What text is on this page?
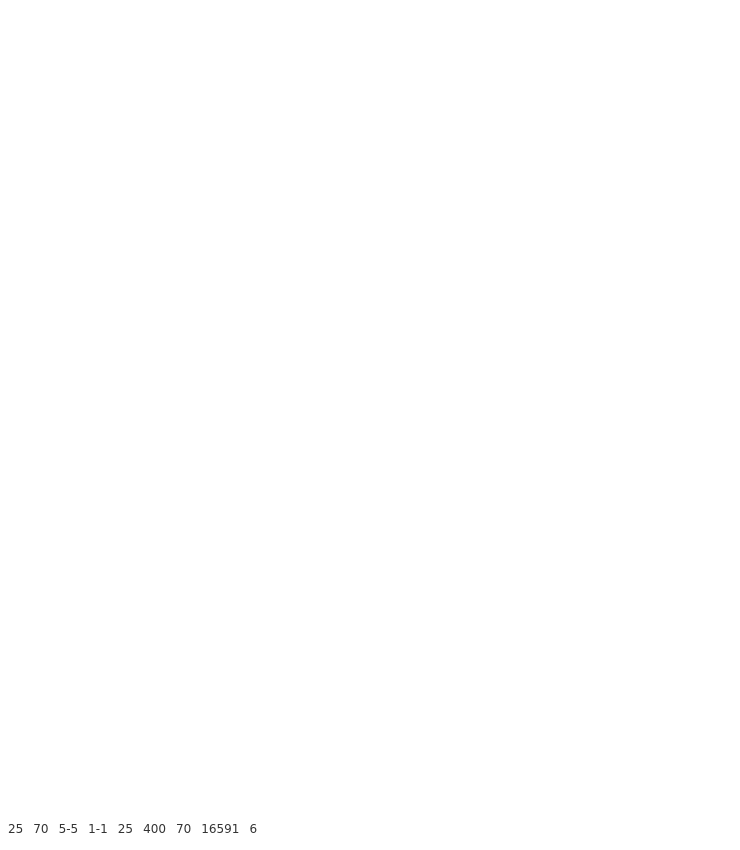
25 70 5-5 1-1 25 400 70 16591 6
